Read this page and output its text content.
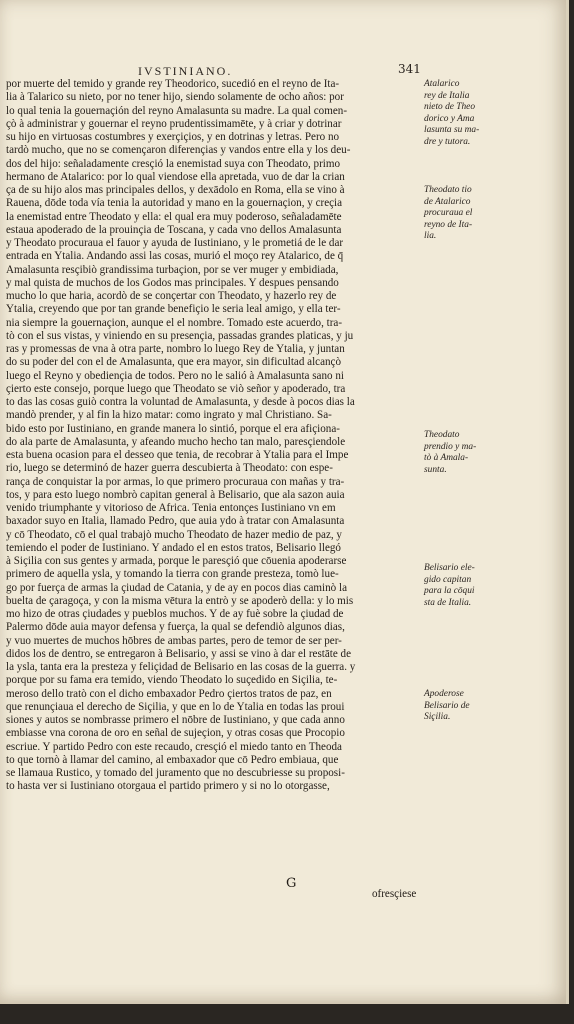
IVSTINIANO.	341
por muerte del temido y grande rey Theodorico, sucedió en el reyno de Ita-
lia à Talarico su nieto, por no tener hijo, siendo solamente de ocho años: por
lo qual tenia la gouernaçión del reyno Amalasunta su madre. La qual comen-
çò à administrar y gouernar el reyno prudentissimamēte, y à criar y dotrinar
su hijo en virtuosas costumbres y exerçiçios, y en dotrinas y letras. Pero no
tardò mucho, que no se començaron diferençias y vandos entre ella y los deu-
dos del hijo: señaladamente cresçió la enemistad suya con Theodato, primo
hermano de Atalarico: por lo qual viendose ella apretada, vuo de dar la crian
ça de su hijo alos mas principales dellos, y dexādolo en Roma, ella se vino à
Rauena, dōde toda vía tenia la autoridad y mano en la gouernaçion, y creçia
la enemistad entre Theodato y ella: el qual era muy poderoso, señaladamēte
estaua apoderado de la prouinçia de Toscana, y cada vno dellos Amalasunta
y Theodato procuraua el fauor y ayuda de Iustiniano, y le prometiá de le dar
entrada en Ytalia. Andando assi las cosas, murió el moço rey Atalarico, de q̄
Amalasunta resçibiò grandissima turbaçion, por se ver muger y embidiada,
y mal quista de muchos de los Godos mas principales. Y despues pensando
mucho lo que haria, acordò de se conçertar con Theodato, y hazerlo rey de
Ytalia, creyendo que por tan grande benefiçio le seria leal amigo, y ella ter-
nia siempre la gouernaçion, aunque el el nombre. Tomado este acuerdo, tra-
tò con el sus vistas, y viniendo en su presençia, passadas grandes platicas, y ju
ras y promessas de vna à otra parte, nombro lo luego Rey de Ytalia, y juntan
do su poder del con el de Amalasunta, que era mayor, sin dificultad alcançò
luego el Reyno y obediençia de todos. Pero no le salió à Amalasunta sano ni
çierto este consejo, porque luego que Theodato se viò señor y apoderado, tra
to das las cosas guiò contra la voluntad de Amalasunta, y desde à pocos dias la
mandò prender, y al fin la hizo matar: como ingrato y mal Christiano. Sa-
bido esto por Iustiniano, en grande manera lo sintió, porque el era afiçiona-
do ala parte de Amalasunta, y afeando mucho hecho tan malo, paresçiendole
esta buena ocasion para el desseo que tenia, de recobrar à Ytalia para el Impe
rio, luego se determinó de hazer guerra descubierta à Theodato: con espe-
rança de conquistar la por armas, lo que primero procuraua con mañas y tra-
tos, y para esto luego nombrò capitan general à Belisario, que ala sazon auia
venido triumphante y vitorioso de Africa. Tenia entonçes Iustiniano vn em
baxador suyo en Italia, llamado Pedro, que auia ydo à tratar con Amalasunta
y cō Theodato, cō el qual trabajò mucho Theodato de hazer medio de paz, y
temiendo el poder de Iustiniano. Y andado el en estos tratos, Belisario llegó
à Siçilia con sus gentes y armada, porque le paresçió que cōuenia apoderarse
primero de aquella ysla, y tomando la tierra con grande presteza, tomò lue-
go por fuerça de armas la çiudad de Catania, y de ay en pocos dias caminò la
buelta de çaragoça, y con la misma vētura la entrò y se apoderò della: y lo mis
mo hizo de otras çiudades y pueblos muchos. Y de ay fuè sobre la çiudad de
Palermo dōde auia mayor defensa y fuerça, la qual se defendiò algunos dias,
y vuo muertes de muchos hōbres de ambas partes, pero de temor de ser per-
didos los de dentro, se entregaron à Belisario, y assi se vino à dar el restāte de
la ysla, tanta era la presteza y feliçidad de Belisario en las cosas de la guerra. y
porque por su fama era temido, viendo Theodato lo suçedido en Siçilia, te-
meroso dello tratò con el dicho embaxador Pedro çiertos tratos de paz, en
que renunçiaua el derecho de Siçilia, y que en lo de Ytalia en todas las proui
siones y autos se nombrasse primero el nōbre de Iustiniano, y que cada anno
embiasse vna corona de oro en señal de sujeçion, y otras cosas que Procopio
escriue. Y partido Pedro con este recaudo, cresçió el miedo tanto en Theoda
to que tornò à llamar del camino, al embaxador que cō Pedro embiaua, que
se llamaua Rustico, y tomado del juramento que no descubriesse su proposi-
to hasta ver si Iustiniano otorgaua el partido primero y si no lo otorgasse,
Atalarico
rey de Italia
nieto de Theo
dorico y Ama
lasunta su ma-
dre y tutora.
Theodato tio
de Atalarico
procuraua el
reyno de Ita-
lia.
Theodato
prendio y ma-
tò à Amala-
sunta.
Belisario ele-
gido capitan
para la cōqui
sta de Italia.
Apoderose
Belisario de
Siçilia.
G
ofresçiese
